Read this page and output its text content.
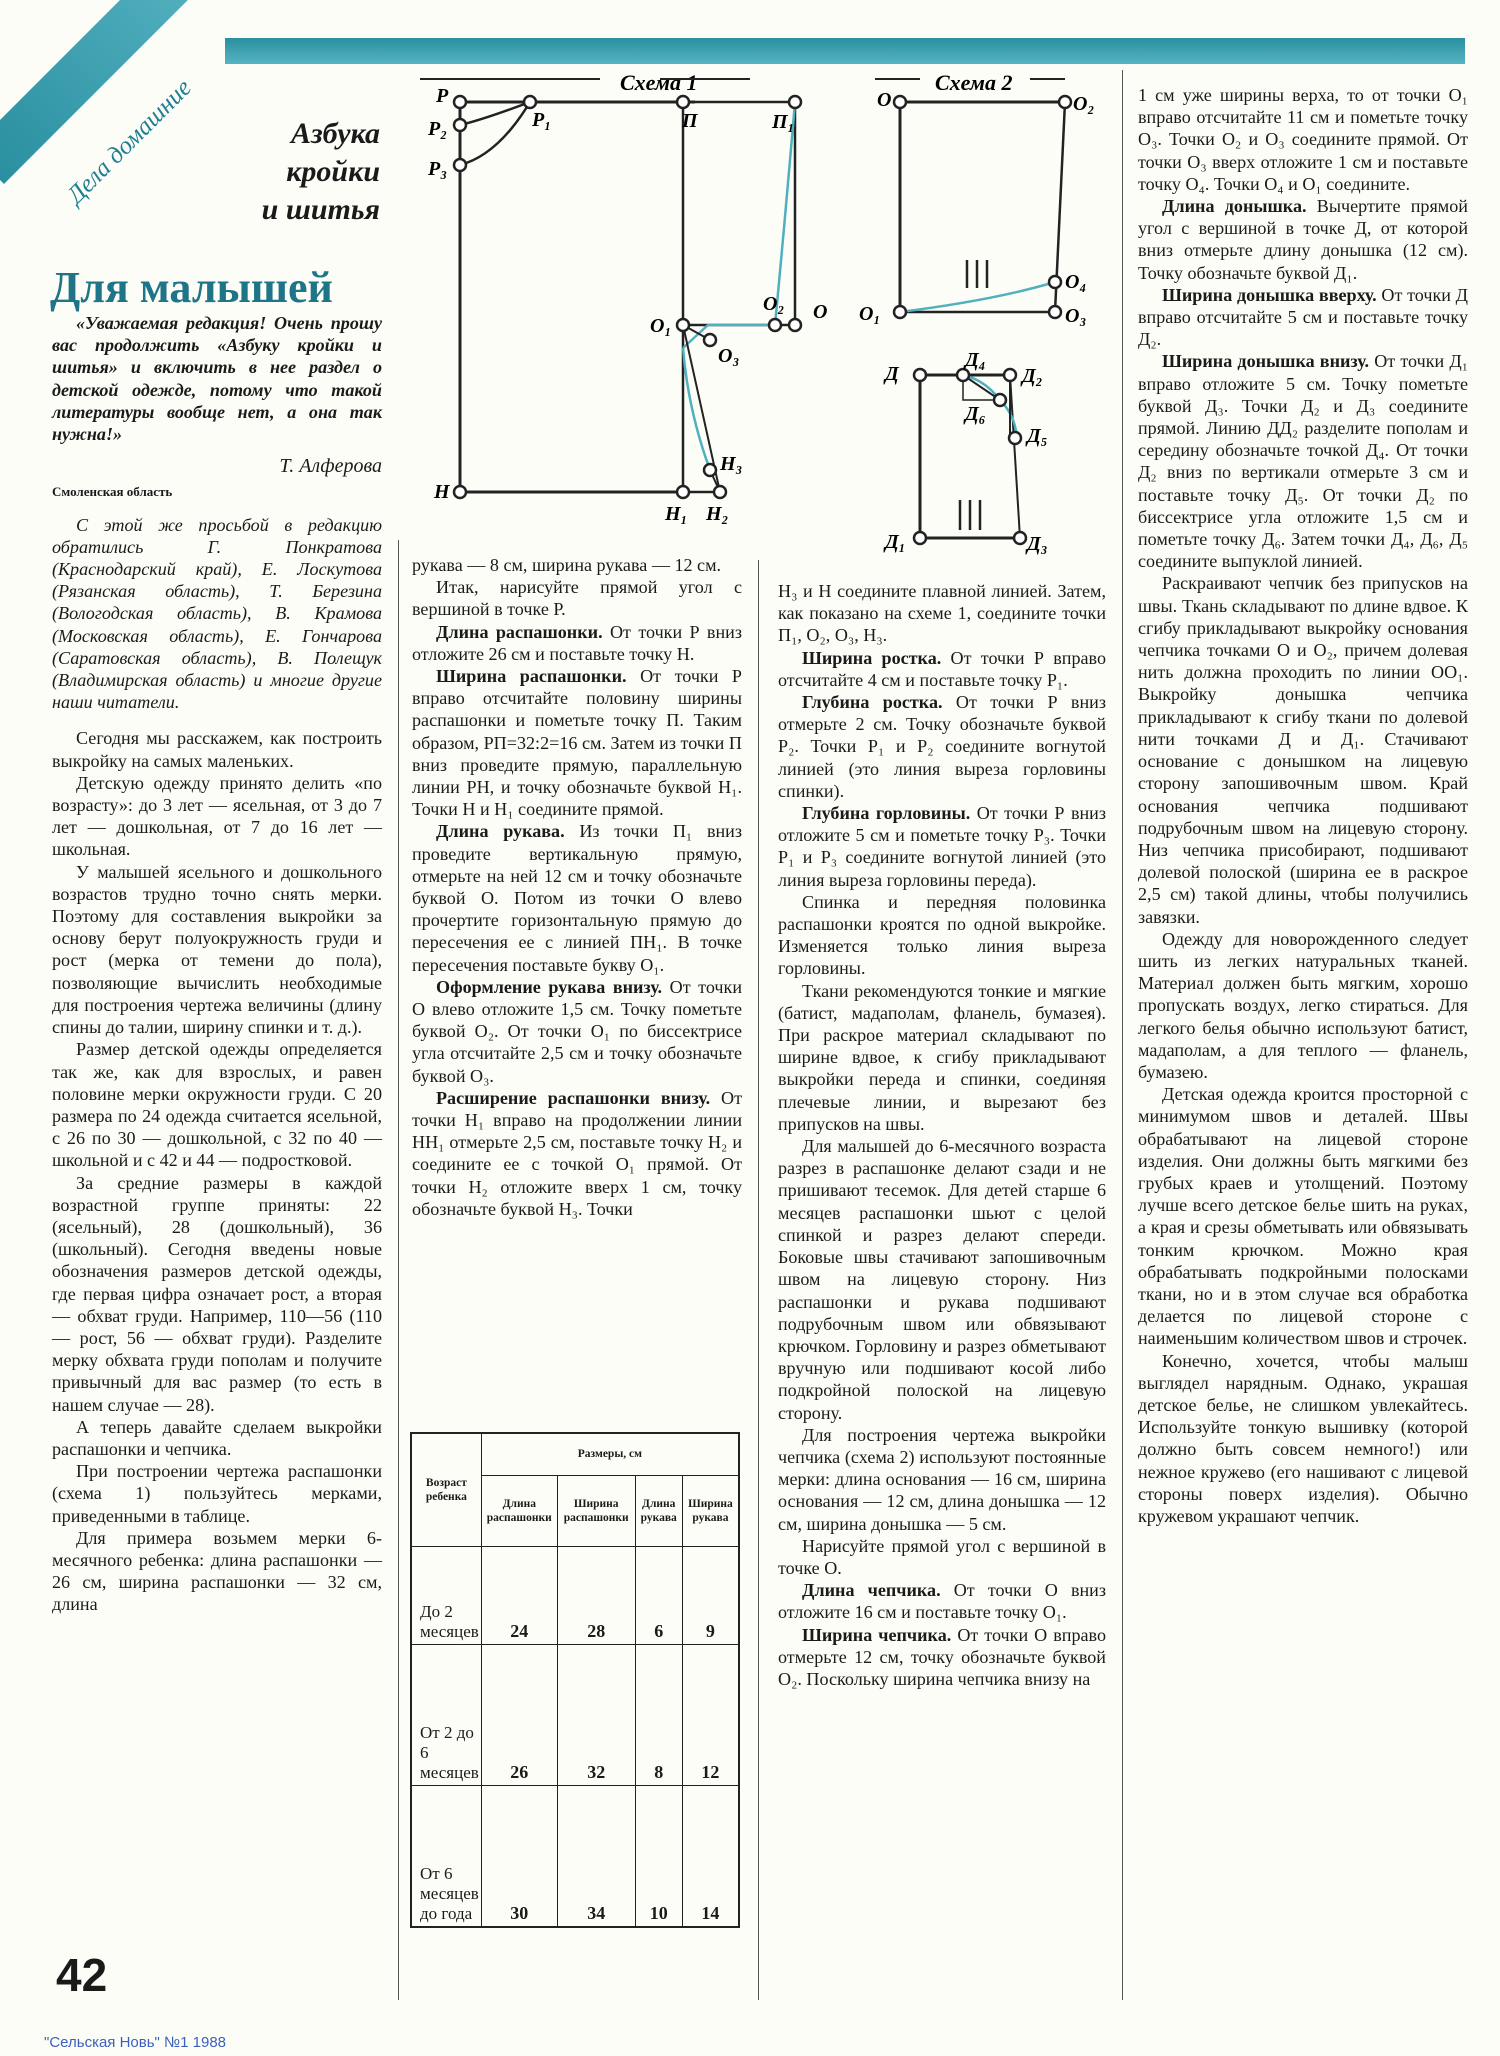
Дела домашние	Азбука
кройки
и шитья
Для малышей

«Уважаемая редакция! Очень прошу вас продолжить «Азбуку кройки и шитья» и включить в нее раздел о детской одежде, потому что такой литературы вообще нет, а она так нужна!»

Т. Алферова
Смоленская область

С этой же просьбой в редакцию обратились Г. Понкратова (Краснодарский край), Е. Лоскутова (Рязанская область), Т. Березина (Вологодская область), В. Крамова (Московская область), Е. Гончарова (Саратовская область), В. Полещук (Владимирская область) и многие другие наши читатели.

Сегодня мы расскажем, как построить выкройку на самых маленьких.

Детскую одежду принято делить «по возрасту»: до 3 лет — ясельная, от 3 до 7 лет — дошкольная, от 7 до 16 лет — школьная.

У малышей ясельного и дошкольного возрастов трудно точно снять мерки. Поэтому для составления выкройки за основу берут полуокружность груди и рост (мерка от темени до пола), позволяющие вычислить необходимые для построения чертежа величины (длину спины до талии, ширину спинки и т. д.).

Размер детской одежды определяется так же, как для взрослых, и равен половине мерки окружности груди. С 20 размера по 24 одежда считается ясельной, с 26 по 30 — дошкольной, с 32 по 40 — школьной и с 42 и 44 — подростковой.

За средние размеры в каждой возрастной группе приняты: 22 (ясельный), 28 (дошкольный), 36 (школьный). Сегодня введены новые обозначения размеров детской одежды, где первая цифра означает рост, а вторая — обхват груди. Например, 110—56 (110 — рост, 56 — обхват груди). Разделите мерку обхвата груди пополам и получите привычный для вас размер (то есть в нашем случае — 28).

А теперь давайте сделаем выкройки распашонки и чепчика.

При построении чертежа распашонки (схема 1) пользуйтесь мерками, приведенными в таблице.

Для примера возьмем мерки 6-месячного ребенка: длина распашонки — 26 см, ширина распашонки — 32 см, длина

Схема 1
Р
Р₁
Р₂
Р₃
П	П₁
О
О₁
О₂
О₃
Н
Н₁ Н₂
Н₃
Схема 2
О	О₂
О₁	О₃
О₄
Д
Д₁
Д₂
Д₃
Д₄
Д₅
Д₆

рукава — 8 см, ширина рукава — 12 см.

Итак, нарисуйте прямой угол с вершиной в точке Р.

Длина распашонки. От точки Р вниз отложите 26 см и поставьте точку Н.

Ширина распашонки. От точки Р вправо отсчитайте половину ширины распашонки и пометьте точку П. Таким образом, РП=32:2=16 см. Затем из точки П вниз проведите прямую, параллельную линии РН, и точку обозначьте буквой Н₁. Точки Н и Н₁ соедините прямой.

Длина рукава. Из точки П₁ вниз проведите вертикальную прямую, отмерьте на ней 12 см и точку обозначьте буквой О. Потом из точки О влево прочертите горизонтальную прямую до пересечения ее с линией ПН₁. В точке пересечения поставьте букву О₁.

Оформление рукава внизу. От точки О влево отложите 1,5 см. Точку пометьте буквой О₂. От точки О₁ по биссектрисе угла отсчитайте 2,5 см и точку обозначьте буквой О₃.

Расширение распашонки внизу. От точки Н₁ вправо на продолжении линии НН₁ отмерьте 2,5 см, поставьте точку Н₂ и соедините ее с точкой О₁ прямой. От точки Н₂ отложите вверх 1 см, точку обозначьте буквой Н₃. Точки

Возраст ребенка	Размеры, см			
	Длина распашонки	Ширина распашонки	Длина рукава	Ширина рукава
До 2 месяцев	24	28	6	9
От 2 до 6 месяцев	26	32	8	12
От 6 месяцев до года	30	34	10	14

Н₃ и Н соедините плавной линией. Затем, как показано на схеме 1, соедините точки П₁, О₂, О₃, Н₃.

Ширина ростка. От точки Р вправо отсчитайте 4 см и поставьте точку Р₁.

Глубина ростка. От точки Р вниз отмерьте 2 см. Точку обозначьте буквой Р₂. Точки Р₁ и Р₂ соедините вогнутой линией (это линия выреза горловины спинки).

Глубина горловины. От точки Р вниз отложите 5 см и пометьте точку Р₃. Точки Р₁ и Р₃ соедините вогнутой линией (это линия выреза горловины переда).

Спинка и передняя половинка распашонки кроятся по одной выкройке. Изменяется только линия выреза горловины.

Ткани рекомендуются тонкие и мягкие (батист, мадаполам, фланель, бумазея). При раскрое материал складывают по ширине вдвое, к сгибу прикладывают выкройки переда и спинки, соединяя плечевые линии, и вырезают без припусков на швы.

Для малышей до 6-месячного возраста разрез в распашонке делают сзади и не пришивают тесемок. Для детей старше 6 месяцев распашонки шьют с целой спинкой и разрез делают спереди. Боковые швы стачивают запошивочным швом на лицевую сторону. Низ распашонки и рукава подшивают подрубочным швом или обвязывают крючком. Горловину и разрез обметывают вручную или подшивают косой либо подкройной полоской на лицевую сторону.

Для построения чертежа выкройки чепчика (схема 2) используют постоянные мерки: длина основания — 16 см, ширина основания — 12 см, длина донышка — 12 см, ширина донышка — 5 см.

Нарисуйте прямой угол с вершиной в точке О.

Длина чепчика. От точки О вниз отложите 16 см и поставьте точку О₁.

Ширина чепчика. От точки О вправо отмерьте 12 см, точку обозначьте буквой О₂. Поскольку ширина чепчика внизу на

1 см уже ширины верха, то от точки О₁ вправо отсчитайте 11 см и пометьте точку О₃. Точки О₂ и О₃ соедините прямой. От точки О₃ вверх отложите 1 см и поставьте точку О₄. Точки О₄ и О₁ соедините.

Длина донышка. Вычертите прямой угол с вершиной в точке Д, от которой вниз отмерьте длину донышка (12 см). Точку обозначьте буквой Д₁.

Ширина донышка вверху. От точки Д вправо отсчитайте 5 см и поставьте точку Д₂.

Ширина донышка внизу. От точки Д₁ вправо отложите 5 см. Точку пометьте буквой Д₃. Точки Д₂ и Д₃ соедините прямой. Линию ДД₂ разделите пополам и середину обозначьте точкой Д₄. От точки Д₂ вниз по вертикали отмерьте 3 см и поставьте точку Д₅. От точки Д₂ по биссектрисе угла отложите 1,5 см и пометьте точку Д₆. Затем точки Д₄, Д₆, Д₅ соедините выпуклой линией.

Раскраивают чепчик без припусков на швы. Ткань складывают по длине вдвое. К сгибу прикладывают выкройку основания чепчика точками О и О₂, причем долевая нить должна проходить по линии ОО₁. Выкройку донышка чепчика прикладывают к сгибу ткани по долевой нити точками Д и Д₁. Стачивают основание с донышком на лицевую сторону запошивочным швом. Край основания чепчика подшивают подрубочным швом на лицевую сторону. Низ чепчика присобирают, подшивают долевой полоской (ширина ее в раскрое 2,5 см) такой длины, чтобы получились завязки.

Одежду для новорожденного следует шить из легких натуральных тканей. Материал должен быть мягким, хорошо пропускать воздух, легко стираться. Для легкого белья обычно используют батист, мадаполам, а для теплого — фланель, бумазею.

Детская одежда кроится просторной с минимумом швов и деталей. Швы обрабатывают на лицевой стороне изделия. Они должны быть мягкими без грубых краев и утолщений. Поэтому лучше всего детское белье шить на руках, а края и срезы обметывать или обвязывать тонким крючком. Можно края обрабатывать подкройными полосками ткани, но и в этом случае вся обработка делается по лицевой стороне с наименьшим количеством швов и строчек.

Конечно, хочется, чтобы малыш выглядел нарядным. Однако, украшая детское белье, не слишком увлекайтесь. Используйте тонкую вышивку (которой должно быть совсем немного!) или нежное кружево (его нашивают с лицевой стороны поверх изделия). Обычно кружевом украшают чепчик.

42
"Сельская Новь" №1 1988
